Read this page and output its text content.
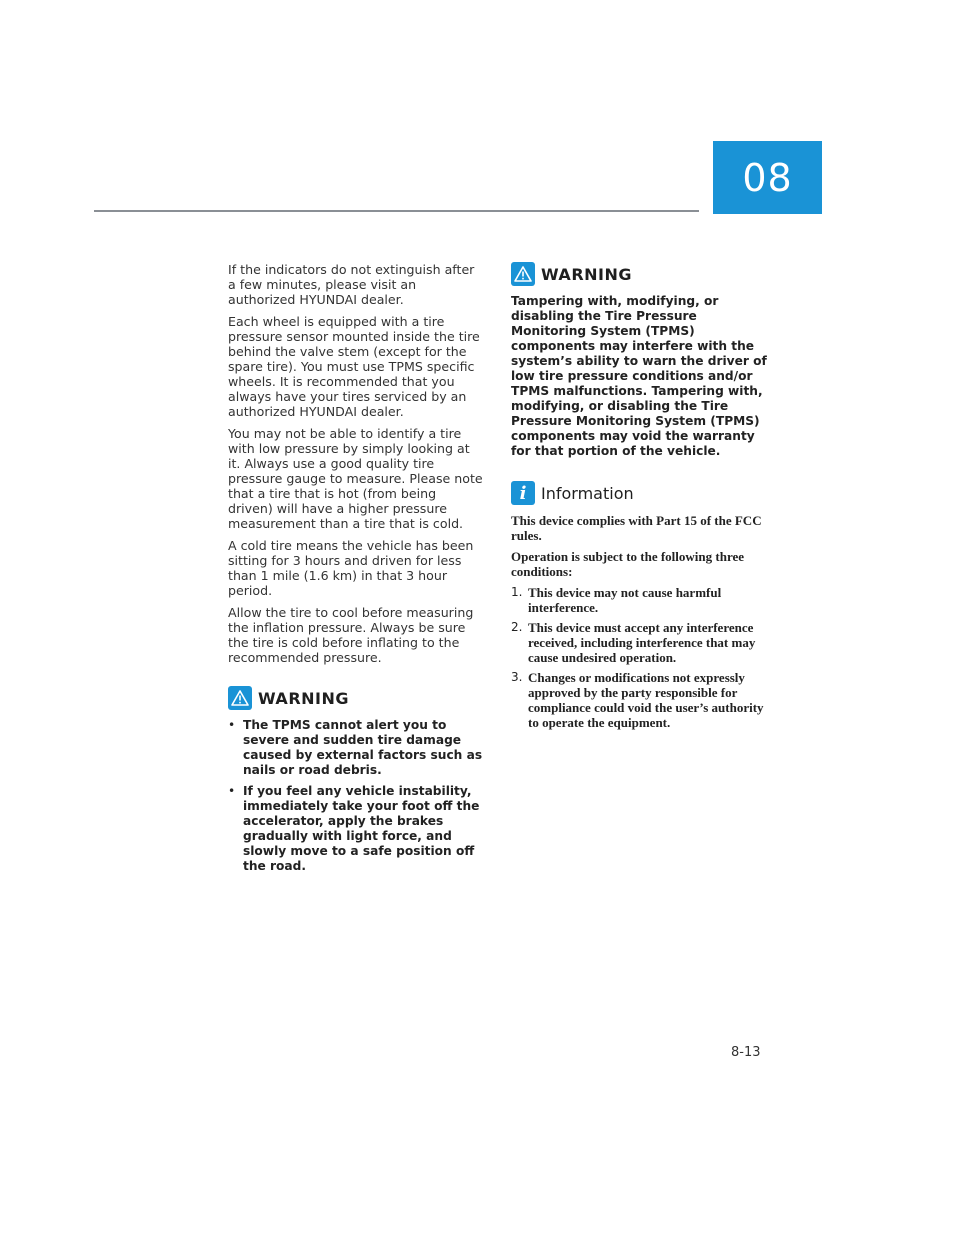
08

If the indicators do not extinguish after a few minutes, please visit an authorized HYUNDAI dealer.

Each wheel is equipped with a tire pressure sensor mounted inside the tire behind the valve stem (except for the spare tire). You must use TPMS specific wheels. It is recommended that you always have your tires serviced by an authorized HYUNDAI dealer.

You may not be able to identify a tire with low pressure by simply looking at it. Always use a good quality tire pressure gauge to measure. Please note that a tire that is hot (from being driven) will have a higher pressure measurement than a tire that is cold.

A cold tire means the vehicle has been sitting for 3 hours and driven for less than 1 mile (1.6 km) in that 3 hour period.

Allow the tire to cool before measuring the inflation pressure. Always be sure the tire is cold before inflating to the recommended pressure.

WARNING
• The TPMS cannot alert you to severe and sudden tire damage caused by external factors such as nails or road debris.
• If you feel any vehicle instability, immediately take your foot off the accelerator, apply the brakes gradually with light force, and slowly move to a safe position off the road.
WARNING

Tampering with, modifying, or disabling the Tire Pressure Monitoring System (TPMS) components may interfere with the system’s ability to warn the driver of low tire pressure conditions and/or TPMS malfunctions. Tampering with, modifying, or disabling the Tire Pressure Monitoring System (TPMS) components may void the warranty for that portion of the vehicle.

i Information

This device complies with Part 15 of the FCC rules.

Operation is subject to the following three conditions:

1. This device may not cause harmful interference.
2. This device must accept any interference received, including interference that may cause undesired operation.
3. Changes or modifications not expressly approved by the party responsible for compliance could void the user’s authority to operate the equipment.
8-13
